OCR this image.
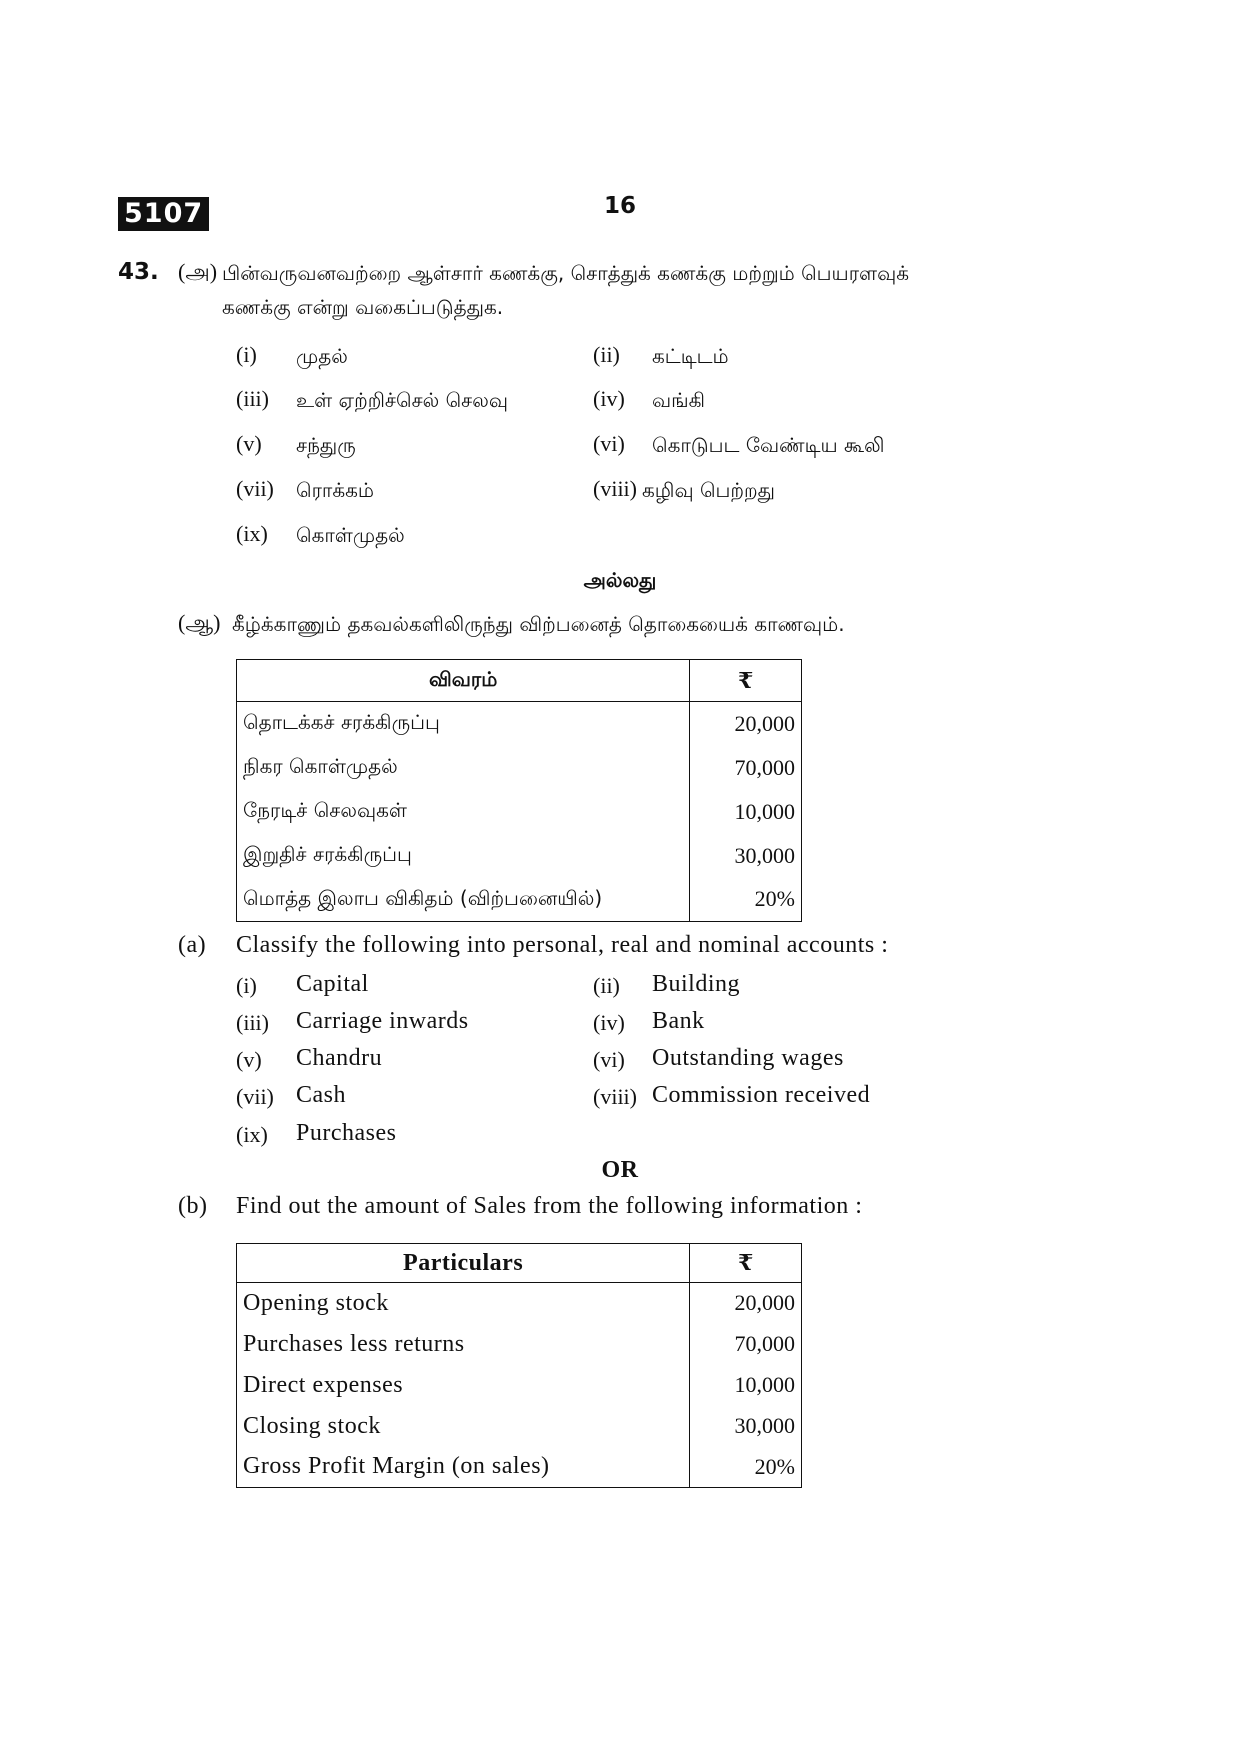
5107	16
43. (அ) பின்வருவனவற்றை ஆள்சார் கணக்கு, சொத்துக் கணக்கு மற்றும் பெயரளவுக்
கணக்கு என்று வகைப்படுத்துக.
(i) முதல்	(ii) கட்டிடம்
(iii) உள் ஏற்றிச்செல் செலவு	(iv) வங்கி
(v) சந்துரு	(vi) கொடுபட வேண்டிய கூலி
(vii) ரொக்கம்	(viii) கழிவு பெற்றது
(ix) கொள்முதல்
அல்லது
(ஆ) கீழ்க்காணும் தகவல்களிலிருந்து விற்பனைத் தொகையைக் காணவும்.
விவரம்	₹
தொடக்கச் சரக்கிருப்பு	20,000
நிகர கொள்முதல்	70,000
நேரடிச் செலவுகள்	10,000
இறுதிச் சரக்கிருப்பு	30,000
மொத்த இலாப விகிதம் (விற்பனையில்)	20%
(a) Classify the following into personal, real and nominal accounts :
(i) Capital	(ii) Building
(iii) Carriage inwards	(iv) Bank
(v) Chandru	(vi) Outstanding wages
(vii) Cash	(viii) Commission received
(ix) Purchases
OR
(b) Find out the amount of Sales from the following information :
Particulars	₹
Opening stock	20,000
Purchases less returns	70,000
Direct expenses	10,000
Closing stock	30,000
Gross Profit Margin (on sales)	20%
